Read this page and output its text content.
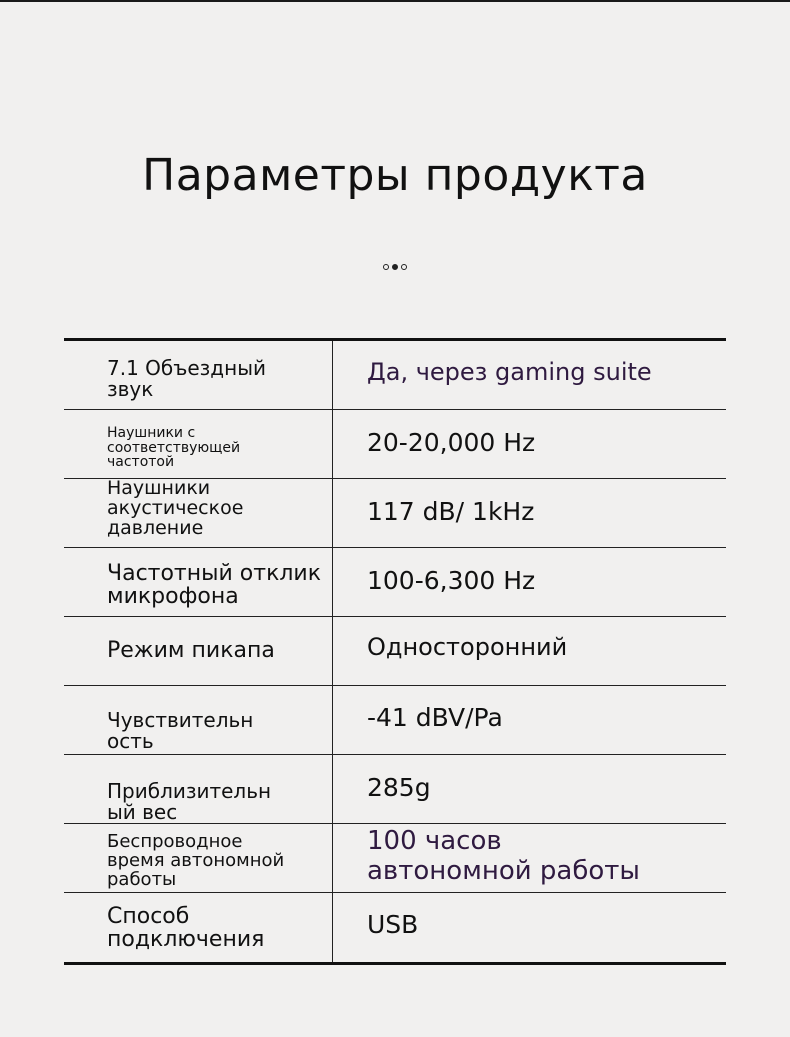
Параметры продукта
7.1 Объездный
звук
Да, через gaming suite
Наушники с
соответствующей
частотой
20-20,000 Hz
Наушники
акустическое
давление
117 dB/ 1kHz
Частотный отклик
микрофона
100-6,300 Hz
Режим пикапа	Односторонний
Чувствительн
ость
-41 dBV/Pa
Приблизительн
ый вес
285g
Беспроводное
время автономной
работы
100 часов
автономной работы
Способ
подключения
USB
